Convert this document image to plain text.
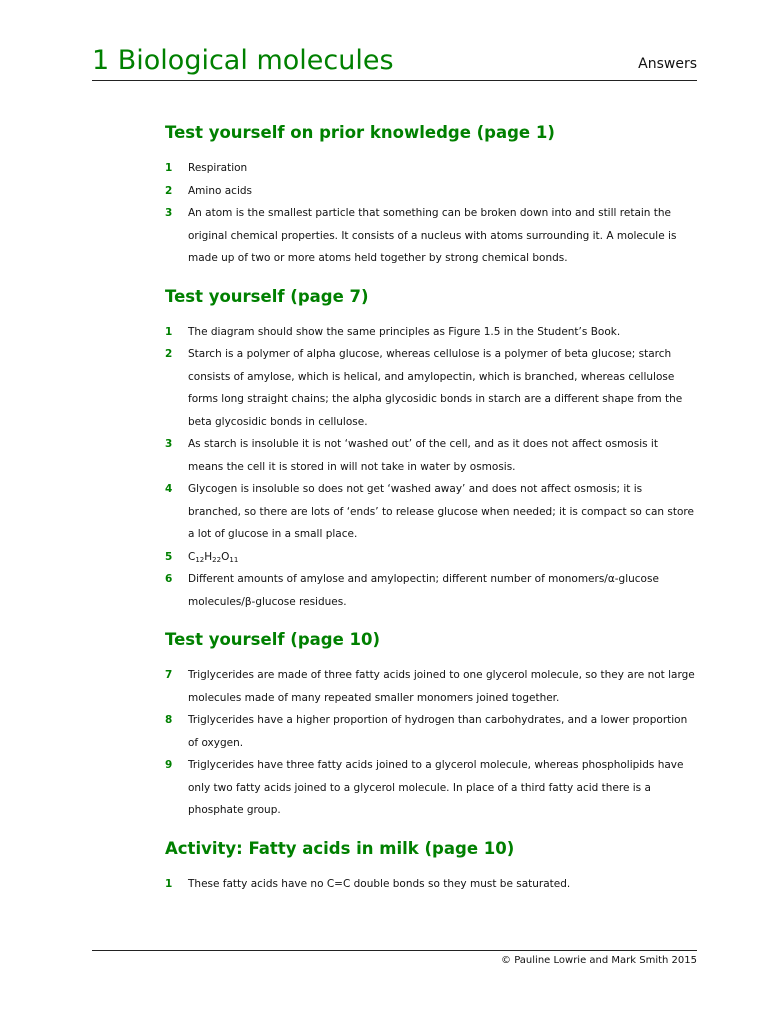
1 Biological molecules	Answers
Test yourself on prior knowledge (page 1)
1 Respiration
2 Amino acids
3 An atom is the smallest particle that something can be broken down into and still retain the original chemical properties. It consists of a nucleus with atoms surrounding it. A molecule is made up of two or more atoms held together by strong chemical bonds.
Test yourself (page 7)
1 The diagram should show the same principles as Figure 1.5 in the Student’s Book.
2 Starch is a polymer of alpha glucose, whereas cellulose is a polymer of beta glucose; starch consists of amylose, which is helical, and amylopectin, which is branched, whereas cellulose forms long straight chains; the alpha glycosidic bonds in starch are a different shape from the beta glycosidic bonds in cellulose.
3 As starch is insoluble it is not ‘washed out’ of the cell, and as it does not affect osmosis it means the cell it is stored in will not take in water by osmosis.
4 Glycogen is insoluble so does not get ‘washed away’ and does not affect osmosis; it is branched, so there are lots of ‘ends’ to release glucose when needed; it is compact so can store a lot of glucose in a small place.
5 $C_{12}H_{22}O_{11}$
6 Different amounts of amylose and amylopectin; different number of monomers/α-glucose molecules/β-glucose residues.
Test yourself (page 10)
7 Triglycerides are made of three fatty acids joined to one glycerol molecule, so they are not large molecules made of many repeated smaller monomers joined together.
8 Triglycerides have a higher proportion of hydrogen than carbohydrates, and a lower proportion of oxygen.
9 Triglycerides have three fatty acids joined to a glycerol molecule, whereas phospholipids have only two fatty acids joined to a glycerol molecule. In place of a third fatty acid there is a phosphate group.
Activity: Fatty acids in milk (page 10)
1 These fatty acids have no C=C double bonds so they must be saturated.
© Pauline Lowrie and Mark Smith 2015
